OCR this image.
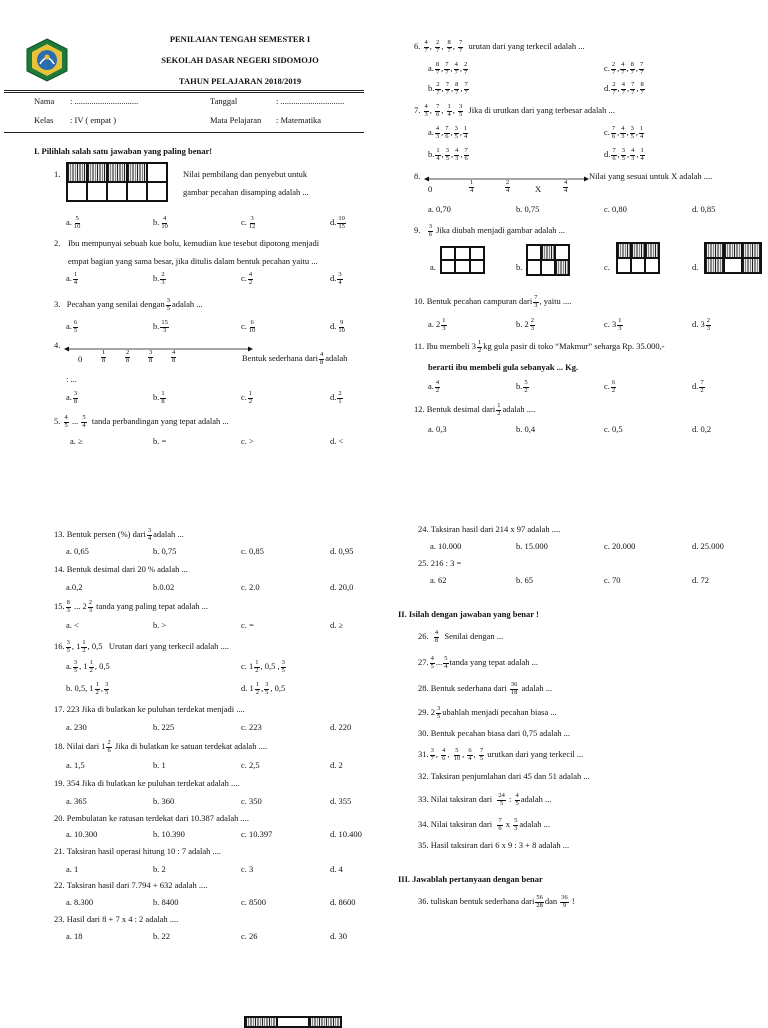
PENILAIAN TENGAH SEMESTER I
SEKOLAH DASAR NEGERI SIDOMOJO
TAHUN PELAJARAN 2018/2019
Nama : ..............................	Tanggal	: ..............................
Kelas : IV ( empat )	Mata Pelajaran : Matematika
I. Pilihlah salah satu jawaban yang paling benar!
1.	Nilai pembilang dan penyebut untuk
gambar pecahan disamping adalah ...
a. $\frac{5}{10}$	b. $\frac{4}{10}$	c. $\frac{3}{12}$	d. $\frac{10}{15}$
2. Ibu mempunyai sebuah kue bolu, kemudian kue tesebut dipotong menjadi
empat bagian yang sama besar, jika ditulis dalam bentuk pecahan yaitu ...
a. $\frac{1}{4}$	b. $\frac{2}{3}$	c. $\frac{4}{2}$	d. $\frac{3}{4}$
3. Pecahan yang senilai dengan $\frac{3}{5}$ adalah ...
a. $\frac{6}{5}$	b. $\frac{15}{3}$	c. $\frac{6}{10}$	d. $\frac{9}{10}$
4.
0	$\frac{1}{8}$	$\frac{2}{8}$	$\frac{3}{8}$	$\frac{4}{8}$	Bentuk sederhana dari $\frac{4}{8}$ adalah
: ...
a. $\frac{3}{8}$	b. $\frac{1}{8}$	c. $\frac{1}{2}$	d. $\frac{2}{1}$
5. $\frac{4}{5}$ ... $\frac{5}{4}$ tanda perbandingan yang tepat adalah ...
a. ≥	b. =	c. >	d. <
6. $\frac{4}{7}$ , $\frac{2}{7}$ , $\frac{8}{7}$ , $\frac{7}{7}$ urutan dari yang terkecil adalah ...
a. $\frac{8}{7}$ , $\frac{7}{7}$ , $\frac{4}{7}$ , $\frac{2}{7}$	c. $\frac{2}{7}$ , $\frac{4}{7}$ , $\frac{8}{7}$ , $\frac{7}{7}$
b. $\frac{2}{7}$ , $\frac{7}{7}$ , $\frac{8}{7}$ , $\frac{7}{7}$	d. $\frac{2}{7}$ , $\frac{4}{7}$ , $\frac{7}{7}$ , $\frac{8}{7}$
7. $\frac{4}{3}$ , $\frac{7}{6}$ , $\frac{1}{4}$ , $\frac{3}{5}$ Jika di urutkan dari yang terbesar adalah ...
a. $\frac{4}{3}$ , $\frac{7}{6}$ , $\frac{3}{5}$ , $\frac{1}{4}$	c. $\frac{7}{6}$ , $\frac{4}{3}$ , $\frac{3}{5}$ , $\frac{1}{4}$
b. $\frac{1}{4}$ , $\frac{3}{5}$ , $\frac{4}{3}$ , $\frac{7}{6}$	d. $\frac{7}{6}$ , $\frac{3}{5}$ , $\frac{4}{3}$ , $\frac{1}{4}$
8.
0	$\frac{1}{4}$	$\frac{2}{4}$	X	$\frac{4}{4}$
Nilai yang sesuai untuk X adalah ....
a. 0,70	b. 0,75	c. 0,80	d. 0,85
9. $\frac{3}{6}$ Jika diubah menjadi gambar adalah ...
a.	b.	c.	d.
10. Bentuk pecahan campuran dari $\frac{7}{3}$ , yaitu ....
a. $2 \frac{1}{3}$	b. $2 \frac{2}{3}$	c. $3 \frac{1}{3}$	d. $3 \frac{2}{3}$
11. Ibu membeli $3 \frac{1}{2}$ kg gula pasir di toko “Makmur” seharga Rp. 35.000,-
berarti ibu membeli gula sebanyak ... Kg.
a. $\frac{4}{2}$	b. $\frac{5}{2}$	c. $\frac{6}{2}$	d. $\frac{7}{2}$
12. Bentuk desimal dari $\frac{1}{2}$ adalah ....
a. 0,3	b. 0,4	c. 0,5	d. 0,2
13. Bentuk persen (%) dari $\frac{3}{4}$ adalah ...
a. 0,65	b. 0,75	c. 0,85	d. 0,95
14. Bentuk desimal dari 20 % adalah ...
a.0,2	b.0.02	c. 2.0	d. 20,0
15. $\frac{8}{3}$ ... $2 \frac{2}{3}$ tanda yang paling tepat adalah ...
a. <	b. >	c. =	d. ≥
16. $\frac{3}{5}$ , $1 \frac{1}{2}$ , 0,5   Urutan dari yang terkecil adalah ....
a. $\frac{3}{5}$ , $1 \frac{1}{2}$ , 0,5	c. $1 \frac{1}{2}$ , 0,5 , $\frac{3}{5}$
b. 0,5, $1 \frac{1}{2}$ , $\frac{3}{5}$	d. $1 \frac{1}{2}$ , $\frac{3}{5}$ , 0,5
17. 223 Jika di bulatkan ke puluhan terdekat menjadi ....
a. 230	b. 225	c. 223	d. 220
18. Nilai dari $1 \frac{2}{6}$ Jika di bulatkan ke satuan terdekat adalah ....
a. 1,5	b. 1	c. 2,5	d. 2
19. 354 Jika di bulatkan ke puluhan terdekat adalah ....
a. 365	b. 360	c. 350	d. 355
20. Pembulatan ke ratusan terdekat dari 10.387 adalah ....
a. 10.300	b. 10.390	c. 10.397	d. 10.400
21. Taksiran hasil operasi hitung 10 : 7 adalah ....
a. 1	b. 2	c. 3	d. 4
22. Taksiran hasil dari 7.794 + 632 adalah ....
a. 8.300	b. 8400	c. 8500	d. 8600
23. Hasil dari 8 + 7 x 4 : 2 adalah ....
a. 18	b. 22	c. 26	d. 30
24. Taksiran hasil dari 214 x 97 adalah ....
a. 10.000	b. 15.000	c. 20.000	d. 25.000
25. 216 : 3 =
a. 62	b. 65	c. 70	d. 72
II. Isilah dengan jawaban yang benar !
26. $\frac{4}{8}$ Senilai dengan ...
27. $\frac{4}{5}$ ... $\frac{5}{4}$ tanda yang tepat adalah ...
28. Bentuk sederhana dari $\frac{36}{18}$ adalah ...
29. $2 \frac{3}{5}$ ubahlah menjadi pecahan biasa ...
30. Bentuk pecahan biasa dari 0,75 adalah ...
31. $\frac{3}{7}$ , $\frac{4}{6}$ , $\frac{5}{10}$ , $\frac{6}{4}$ , $\frac{7}{5}$ urutkan dari yang terkecil ...
32. Taksiran penjumlahan dari 45 dan 51 adalah ...
33. Nilai taksiran dari $\frac{24}{5}$ : $\frac{4}{5}$ adalah ...
34. Nilai taksiran dari $\frac{7}{6}$ x $\frac{5}{3}$ adalah ...
35. Hasil taksiran dari 6 x 9 : 3 + 8 adalah ...
III. Jawablah pertanyaan dengan benar
36. tuliskan bentuk sederhana dari $\frac{56}{28}$ dan $\frac{36}{9}$ !
